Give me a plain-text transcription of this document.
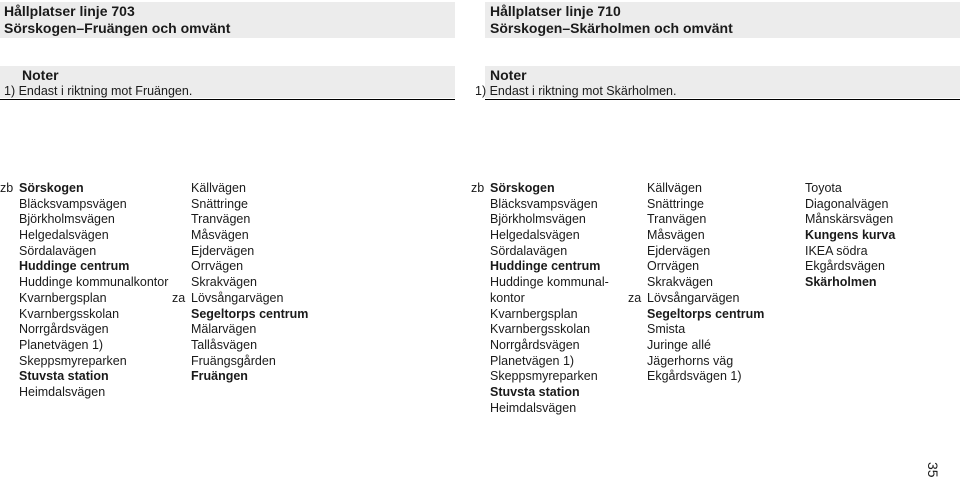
Hållplatser linje 703
Sörskogen–Fruängen och omvänt
Noter
1) Endast i riktning mot Fruängen.
zb Sörskogen
Bläcksvampsvägen
Björkholmsvägen
Helgedalsvägen
Sördalavägen
Huddinge centrum
Huddinge kommunalkontor
Kvarnbergsplan
Kvarnbergsskolan
Norrgårdsvägen
Planetvägen 1)
Skeppsmyreparken
Stuvsta station
Heimdalsvägen
Källvägen
Snättringe
Tranvägen
Måsvägen
Ejdervägen
Orrvägen
Skrakvägen
za Lövsångarvägen
Segeltorps centrum
Mälarvägen
Tallåsvägen
Fruängsgården
Fruängen
Hållplatser linje 710
Sörskogen–Skärholmen och omvänt
Noter
1) Endast i riktning mot Skärholmen.
zb Sörskogen
Bläcksvampsvägen
Björkholmsvägen
Helgedalsvägen
Sördalavägen
Huddinge centrum
Huddinge kommunal-
kontor
Kvarnbergsplan
Kvarnbergsskolan
Norrgårdsvägen
Planetvägen 1)
Skeppsmyreparken
Stuvsta station
Heimdalsvägen
Källvägen
Snättringe
Tranvägen
Måsvägen
Ejdervägen
Orrvägen
Skrakvägen
za Lövsångarvägen
Segeltorps centrum
Smista
Juringe allé
Jägerhorns väg
Ekgårdsvägen 1)
Toyota
Diagonalvägen
Månskärsvägen
Kungens kurva
IKEA södra
Ekgårdsvägen
Skärholmen
35
